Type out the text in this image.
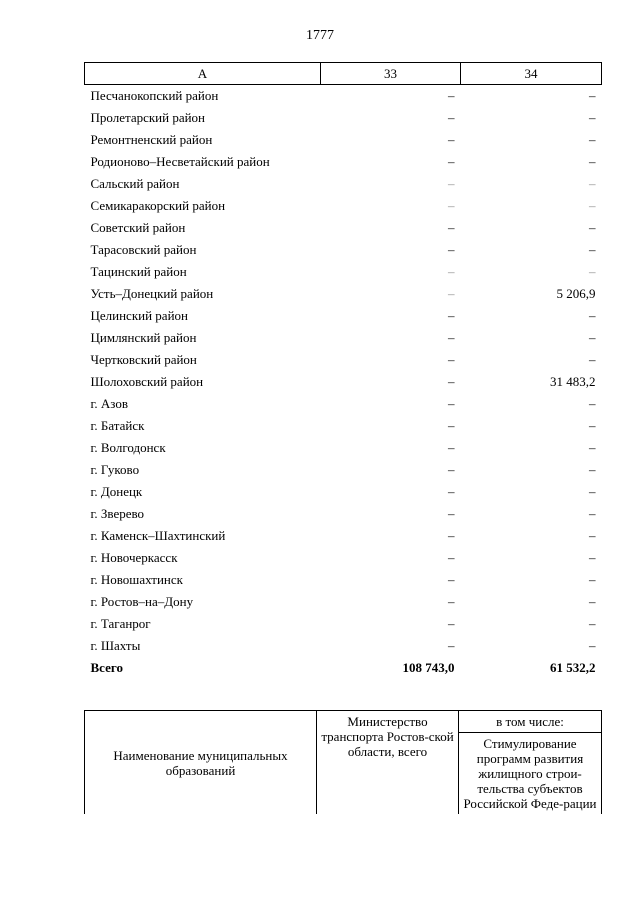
1777
А	33	34
Песчанокопский район	–	–
Пролетарский район	–	–
Ремонтненский район	–	–
Родионово–Несветайский район	–	–
Сальский район	–	–
Семикаракорский район	–	–
Советский район	–	–
Тарасовский район	–	–
Тацинский район	–	–
Усть–Донецкий район	–	5 206,9
Целинский район	–	–
Цимлянский район	–	–
Чертковский район	–	–
Шолоховский район	–	31 483,2
г. Азов	–	–
г. Батайск	–	–
г. Волгодонск	–	–
г. Гуково	–	–
г. Донецк	–	–
г. Зверево	–	–
г. Каменск–Шахтинский	–	–
г. Новочеркасск	–	–
г. Новошахтинск	–	–
г. Ростов–на–Дону	–	–
г. Таганрог	–	–
г. Шахты	–	–
Всего	108 743,0	61 532,2
Наименование муниципальных образований	Министерство транспорта Ростов-ской области, всего	в том числе:
Стимулирование программ развития жилищного строи-тельства субъектов Российской Феде-рации
